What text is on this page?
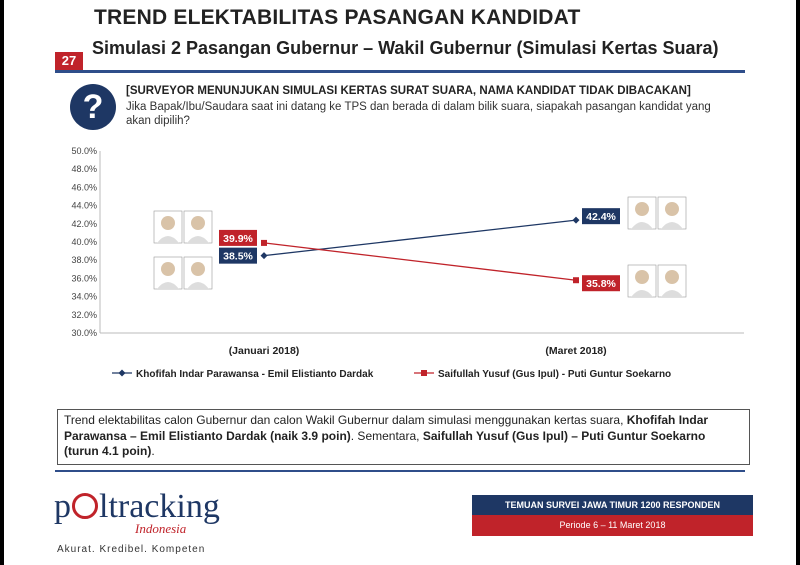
TREND ELEKTABILITAS PASANGAN KANDIDAT
Simulasi 2 Pasangan Gubernur – Wakil Gubernur (Simulasi Kertas Suara)
27
?	[SURVEYOR MENUNJUKAN SIMULASI KERTAS SURAT SUARA, NAMA KANDIDAT TIDAK DIBACAKAN]
Jika Bapak/Ibu/Saudara saat ini datang ke TPS dan berada di dalam bilik suara, siapakah pasangan kandidat yang akan dipilih?
30.0%
32.0%
34.0%
36.0%
38.0%
40.0%
42.0%
44.0%
46.0%
48.0%
50.0%
(Januari 2018)	(Maret 2018)
38.5%
42.4%
39.9%
35.8%
Khofifah Indar Parawansa - Emil Elistianto Dardak	Saifullah Yusuf (Gus Ipul) - Puti Guntur Soekarno
Trend elektabilitas calon Gubernur dan calon Wakil Gubernur dalam simulasi menggunakan kertas suara, Khofifah Indar Parawansa – Emil Elistianto Dardak (naik 3.9 poin). Sementara, Saifullah Yusuf (Gus Ipul) – Puti Guntur Soekarno (turun 4.1 poin).
p ltracking
Indonesia
Akurat. Kredibel. Kompeten
TEMUAN SURVEI JAWA TIMUR 1200 RESPONDEN
Periode 6 – 11 Maret 2018
